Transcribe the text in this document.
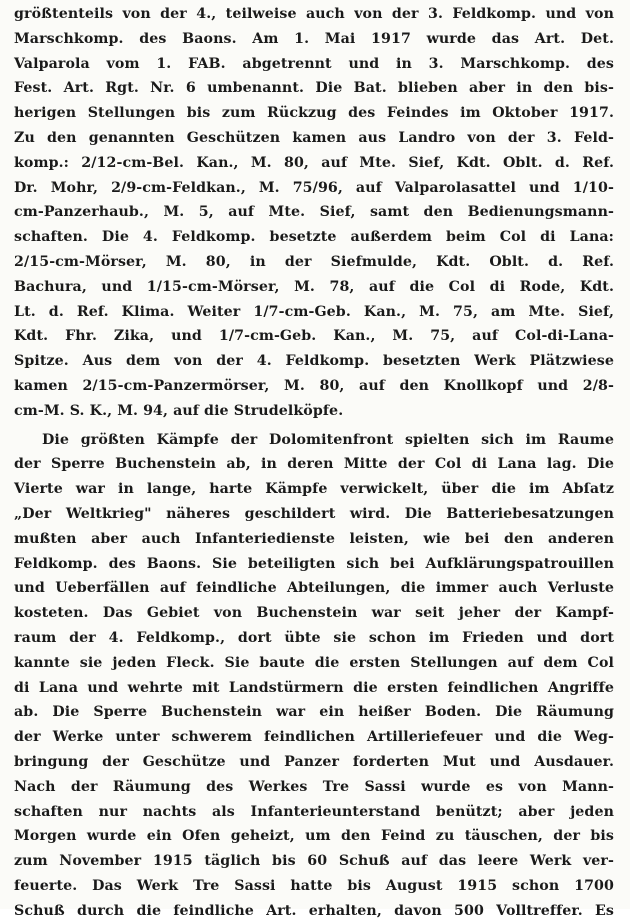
größtenteils von der 4., teilweise auch von der 3. Feldkomp. und von
Marschkomp. des Baons. Am 1. Mai 1917 wurde das Art. Det.
Valparola vom 1. FAB. abgetrennt und in 3. Marschkomp. des
Fest. Art. Rgt. Nr. 6 umbenannt. Die Bat. blieben aber in den bis-
herigen Stellungen bis zum Rückzug des Feindes im Oktober 1917.
Zu den genannten Geschützen kamen aus Landro von der 3. Feld-
komp.: 2/12-cm-Bel. Kan., M. 80, auf Mte. Sief, Kdt. Oblt. d. Ref.
Dr. Mohr, 2/9-cm-Feldkan., M. 75/96, auf Valparolasattel und 1/10-
cm-Panzerhaub., M. 5, auf Mte. Sief, samt den Bedienungsmann-
schaften. Die 4. Feldkomp. besetzte außerdem beim Col di Lana:
2/15-cm-Mörser, M. 80, in der Siefmulde, Kdt. Oblt. d. Ref.
Bachura, und 1/15-cm-Mörser, M. 78, auf die Col di Rode, Kdt.
Lt. d. Ref. Klima. Weiter 1/7-cm-Geb. Kan., M. 75, am Mte. Sief,
Kdt. Fhr. Zika, und 1/7-cm-Geb. Kan., M. 75, auf Col-di-Lana-
Spitze. Aus dem von der 4. Feldkomp. besetzten Werk Plätzwiese
kamen 2/15-cm-Panzermörser, M. 80, auf den Knollkopf und 2/8-
cm-M. S. K., M. 94, auf die Strudelköpfe.
Die größten Kämpfe der Dolomitenfront spielten sich im Raume
der Sperre Buchenstein ab, in deren Mitte der Col di Lana lag. Die
Vierte war in lange, harte Kämpfe verwickelt, über die im Abſatz
„Der Weltkrieg" näheres geschildert wird. Die Batteriebesatzungen
mußten aber auch Infanteriedienste leisten, wie bei den anderen
Feldkomp. des Baons. Sie beteiligten sich bei Aufklärungspatrouillen
und Ueberfällen auf feindliche Abteilungen, die immer auch Verluste
kosteten. Das Gebiet von Buchenstein war seit jeher der Kampf-
raum der 4. Feldkomp., dort übte sie schon im Frieden und dort
kannte sie jeden Fleck. Sie baute die ersten Stellungen auf dem Col
di Lana und wehrte mit Landstürmern die ersten feindlichen Angriffe
ab. Die Sperre Buchenstein war ein heißer Boden. Die Räumung
der Werke unter schwerem feindlichen Artilleriefeuer und die Weg-
bringung der Geschütze und Panzer forderten Mut und Ausdauer.
Nach der Räumung des Werkes Tre Sassi wurde es von Mann-
schaften nur nachts als Infanterieunterstand benützt; aber jeden
Morgen wurde ein Ofen geheizt, um den Feind zu täuschen, der bis
zum November 1915 täglich bis 60 Schuß auf das leere Werk ver-
feuerte. Das Werk Tre Sassi hatte bis August 1915 schon 1700
Schuß durch die feindliche Art. erhalten, davon 500 Volltreffer. Es
